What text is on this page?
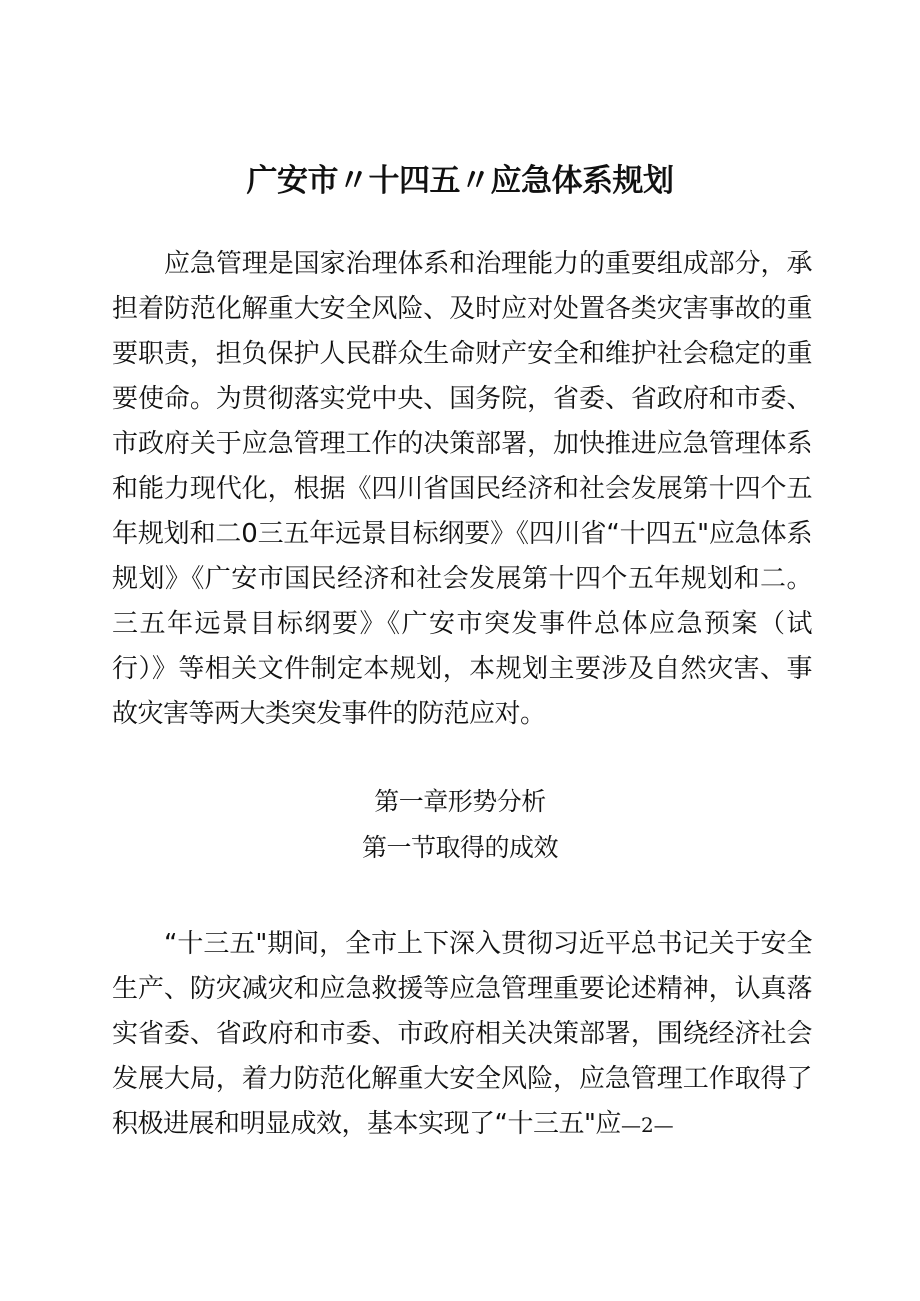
广安市〃十四五〃应急体系规划

应急管理是国家治理体系和治理能力的重要组成部分，承担着防范化解重大安全风险、及时应对处置各类灾害事故的重要职责，担负保护人民群众生命财产安全和维护社会稳定的重要使命。为贯彻落实党中央、国务院，省委、省政府和市委、市政府关于应急管理工作的决策部署，加快推进应急管理体系和能力现代化，根据《四川省国民经济和社会发展第十四个五年规划和二0三五年远景目标纲要》《四川省“十四五"应急体系规划》《广安市国民经济和社会发展第十四个五年规划和二。三五年远景目标纲要》《广安市突发事件总体应急预案（试行）》等相关文件制定本规划，本规划主要涉及自然灾害、事故灾害等两大类突发事件的防范应对。

第一章形势分析
第一节取得的成效

“十三五"期间，全市上下深入贯彻习近平总书记关于安全生产、防灾减灾和应急救援等应急管理重要论述精神，认真落实省委、省政府和市委、市政府相关决策部署，围绕经济社会发展大局，着力防范化解重大安全风险，应急管理工作取得了积极进展和明显成效，基本实现了“十三五"应—2—
